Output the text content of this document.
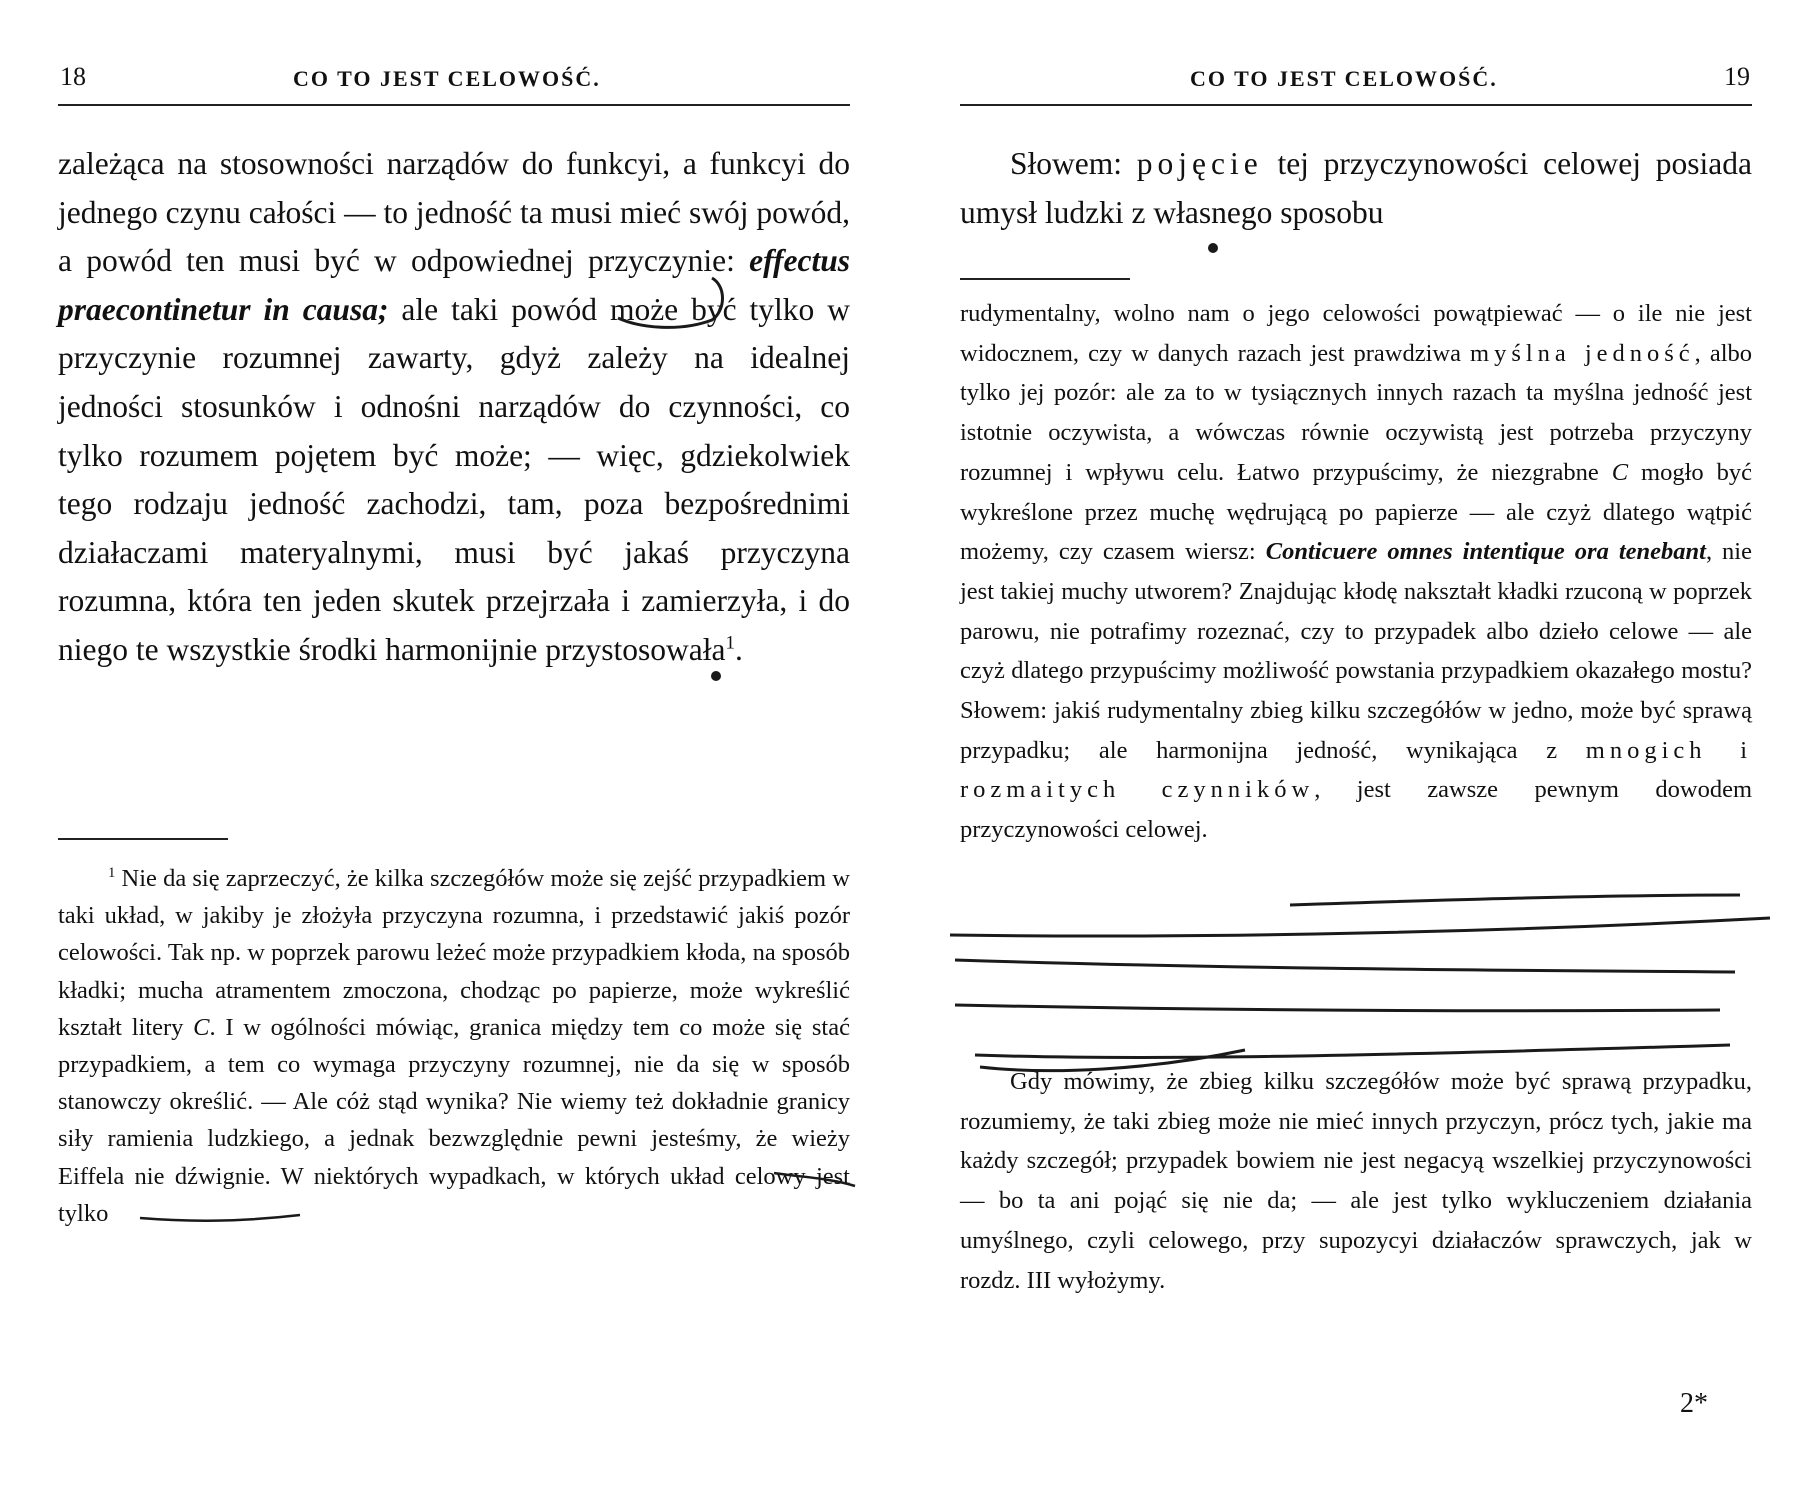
18	CO TO JEST CELOWOŚĆ.
zależąca na stosowności narządów do funkcyi, a funkcyi do jednego czynu całości — to jedność ta musi mieć swój powód, a powód ten musi być w odpowiednej przyczynie: effectus praecontinetur in causa; ale taki powód może być tylko w przyczynie rozumnej zawarty, gdyż zależy na idealnej jedności stosunków i odnośni narządów do czynności, co tylko rozumem pojętem być może; — więc, gdziekolwiek tego rodzaju jedność zachodzi, tam, poza bezpośrednimi działaczami materyalnymi, musi być jakaś przyczyna rozumna, która ten jeden skutek przejrzała i zamierzyła, i do niego te wszystkie środki harmonijnie przystosowała$^1$.
$^1$ Nie da się zaprzeczyć, że kilka szczegółów może się zejść przypadkiem w taki układ, w jakiby je złożyła przyczyna rozumna, i przedstawić jakiś pozór celowości. Tak np. w poprzek parowu leżeć może przypadkiem kłoda, na sposób kładki; mucha atramentem zmoczona, chodząc po papierze, może wykreślić kształt litery C. I w ogólności mówiąc, granica między tem co może się stać przypadkiem, a tem co wymaga przyczyny rozumnej, nie da się w sposób stanowczy określić. — Ale cóż stąd wynika? Nie wiemy też dokładnie granicy siły ramienia ludzkiego, a jednak bezwzględnie pewni jesteśmy, że wieży Eiffela nie dźwignie. W niektórych wypadkach, w których układ celowy jest tylko
CO TO JEST CELOWOŚĆ.	19
Słowem: pojęcie tej przyczynowości celowej posiada umysł ludzki z własnego sposobu
rudymentalny, wolno nam o jego celowości powątpiewać — o ile nie jest widocznem, czy w danych razach jest prawdziwa myślna jedność, albo tylko jej pozór: ale za to w tysiącznych innych razach ta myślna jedność jest istotnie oczywista, a wówczas równie oczywistą jest potrzeba przyczyny rozumnej i wpływu celu. Łatwo przypuścimy, że niezgrabne C mogło być wykreślone przez muchę wędrującą po papierze — ale czyż dlatego wątpić możemy, czy czasem wiersz: Conticuere omnes intentique ora tenebant, nie jest takiej muchy utworem? Znajdując kłodę nakształt kładki rzuconą w poprzek parowu, nie potrafimy rozeznać, czy to przypadek albo dzieło celowe — ale czyż dlatego przypuścimy możliwość powstania przypadkiem okazałego mostu? Słowem: jakiś rudymentalny zbieg kilku szczegółów w jedno, może być sprawą przypadku; ale harmonijna jedność, wynikająca z mnogich i rozmaitych czynników, jest zawsze pewnym dowodem przyczynowości celowej.
Gdy mówimy, że zbieg kilku szczegółów może być sprawą przypadku, rozumiemy, że taki zbieg może nie mieć innych przyczyn, prócz tych, jakie ma każdy szczegół; przypadek bowiem nie jest negacyą wszelkiej przyczynowości — bo ta ani pojąć się nie da; — ale jest tylko wykluczeniem działania umyślnego, czyli celowego, przy supozycyi działaczów sprawczych, jak w rozdz. III wyłożymy.
2*
